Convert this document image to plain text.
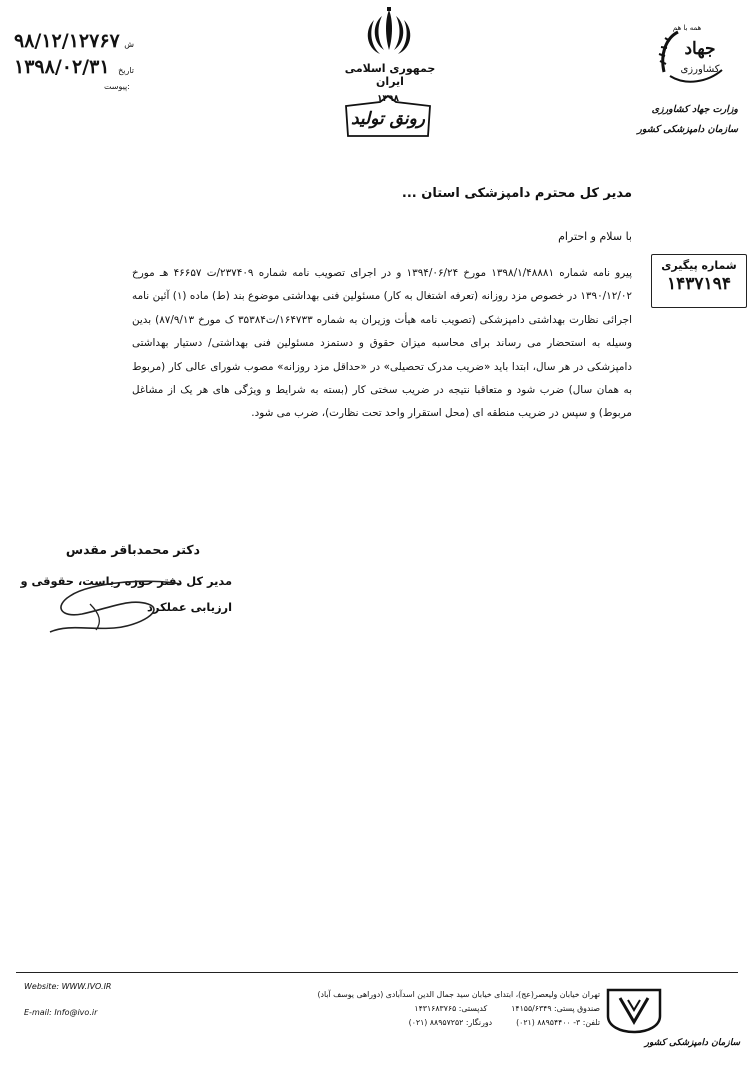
۹۸/۱۲/۱۲۷۶۷ ش
۱۳۹۸/۰۲/۳۱ تاریخ
پیوست:
جمهوری اسلامی ایران
۱۳۹۸
رونق تولید
همه با هم
جهاد
کشاورزی
وزارت جهاد کشاورزی
سازمان دامپزشکی کشور
شماره پیگیری
۱۴۳۷۱۹۴
مدیر کل محترم دامپزشکی استان ...
با سلام و احترام
پیرو نامه شماره ۱۳۹۸/۱/۴۸۸۸۱ مورخ ۱۳۹۴/۰۶/۲۴ و در اجرای تصویب نامه شماره ۲۳۷۴۰۹/ت ۴۶۶۵۷ هـ مورخ ۱۳۹۰/۱۲/۰۲ در خصوص مزد روزانه (تعرفه اشتغال به کار) مسئولین فنی بهداشتی موضوع بند (ط) ماده (۱) آئین نامه اجرائی نظارت بهداشتی دامپزشکی (تصویب نامه هیأت وزیران به شماره ۱۶۴۷۳۳/ت۳۵۳۸۴ ک مورخ ۸۷/۹/۱۳) بدین وسیله به استحضار می رساند برای محاسبه میزان حقوق و دستمزد مسئولین فنی بهداشتی/ دستیار بهداشتی دامپزشکی در هر سال، ابتدا باید «ضریب مدرک تحصیلی» در «حداقل مزد روزانه» مصوب شورای عالی کار (مربوط به همان سال) ضرب شود و متعاقبا نتیجه در ضریب سختی کار (بسته به شرایط و ویژگی های هر یک از مشاغل مربوط) و سپس در ضریب منطقه ای (محل استقرار واحد تحت نظارت)، ضرب می شود.
دکتر محمدباقر مقدس
مدیر کل دفتر حوزه ریاست، حقوقی و ارزیابی عملکرد
Website: WWW.IVO.IR
E-mail: Info@ivo.ir
تهران خیابان ولیعصر(عج)، ابتدای خیابان سید جمال الدین اسدآبادی (دوراهی یوسف آباد)
صندوق پستی: ۱۴۱۵۵/۶۳۴۹
کدپستی: ۱۴۳۱۶۸۳۷۶۵
تلفن: ۳- ۸۸۹۵۴۴۰۰ (۰۲۱)
دورنگار: ۸۸۹۵۷۲۵۲ (۰۲۱)
سازمان دامپزشکی کشور
